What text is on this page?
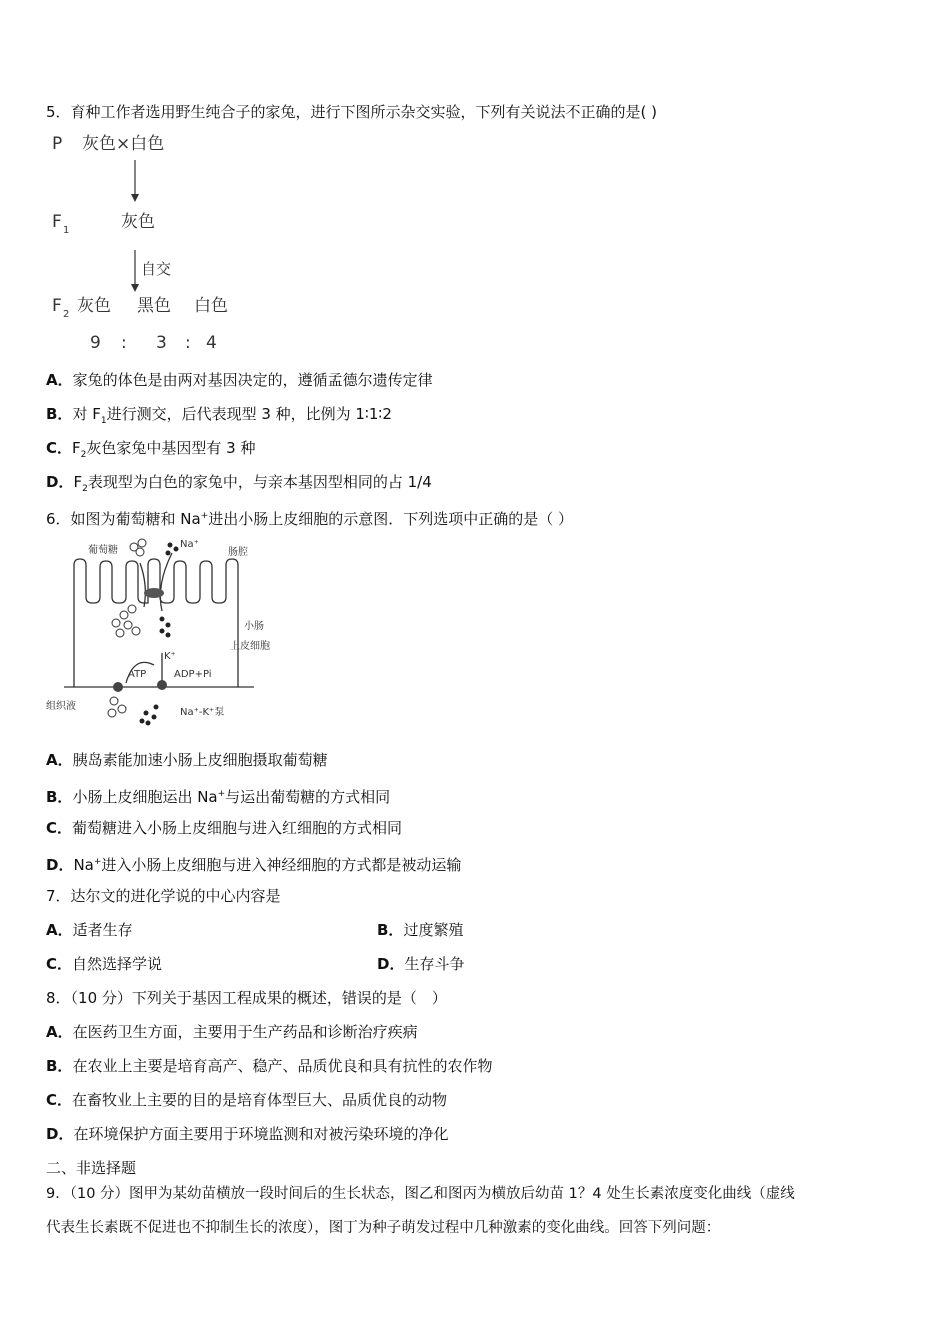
5．育种工作者选用野生纯合子的家兔，进行下图所示杂交实验，下列有关说法不正确的是( )
P 灰色×白色
F 1	灰色
自交
F 2 灰色 黑色 白色
9 : 3 : 4
A．家兔的体色是由两对基因决定的，遵循孟德尔遗传定律
B．对 $F_1$进行测交，后代表现型 3 种，比例为 1∶1∶2
C．$F_2$灰色家兔中基因型有 3 种
D．$F_2$表现型为白色的家兔中，与亲本基因型相同的占 1/4
6．如图为葡萄糖和 Na+进出小肠上皮细胞的示意图．下列选项中正确的是（ ）
葡萄糖
Na⁺
肠腔
小肠
上皮细胞
K⁺
ATP	ADP+Pi
组织液
Na⁺-K⁺泵
A．胰岛素能加速小肠上皮细胞摄取葡萄糖
B．小肠上皮细胞运出 Na+与运出葡萄糖的方式相同
C．葡萄糖进入小肠上皮细胞与进入红细胞的方式相同
D．Na+进入小肠上皮细胞与进入神经细胞的方式都是被动运输
7．达尔文的进化学说的中心内容是
A．适者生存	B．过度繁殖
C．自然选择学说	D．生存斗争
8．（10 分）下列关于基因工程成果的概述，错误的是（　）
A．在医药卫生方面，主要用于生产药品和诊断治疗疾病
B．在农业上主要是培育高产、稳产、品质优良和具有抗性的农作物
C．在畜牧业上主要的目的是培育体型巨大、品质优良的动物
D．在环境保护方面主要用于环境监测和对被污染环境的净化
二、非选择题
9．（10 分）图甲为某幼苗横放一段时间后的生长状态，图乙和图丙为横放后幼苗 1？4 处生长素浓度变化曲线（虚线
代表生长素既不促进也不抑制生长的浓度），图丁为种子萌发过程中几种激素的变化曲线。回答下列问题：
